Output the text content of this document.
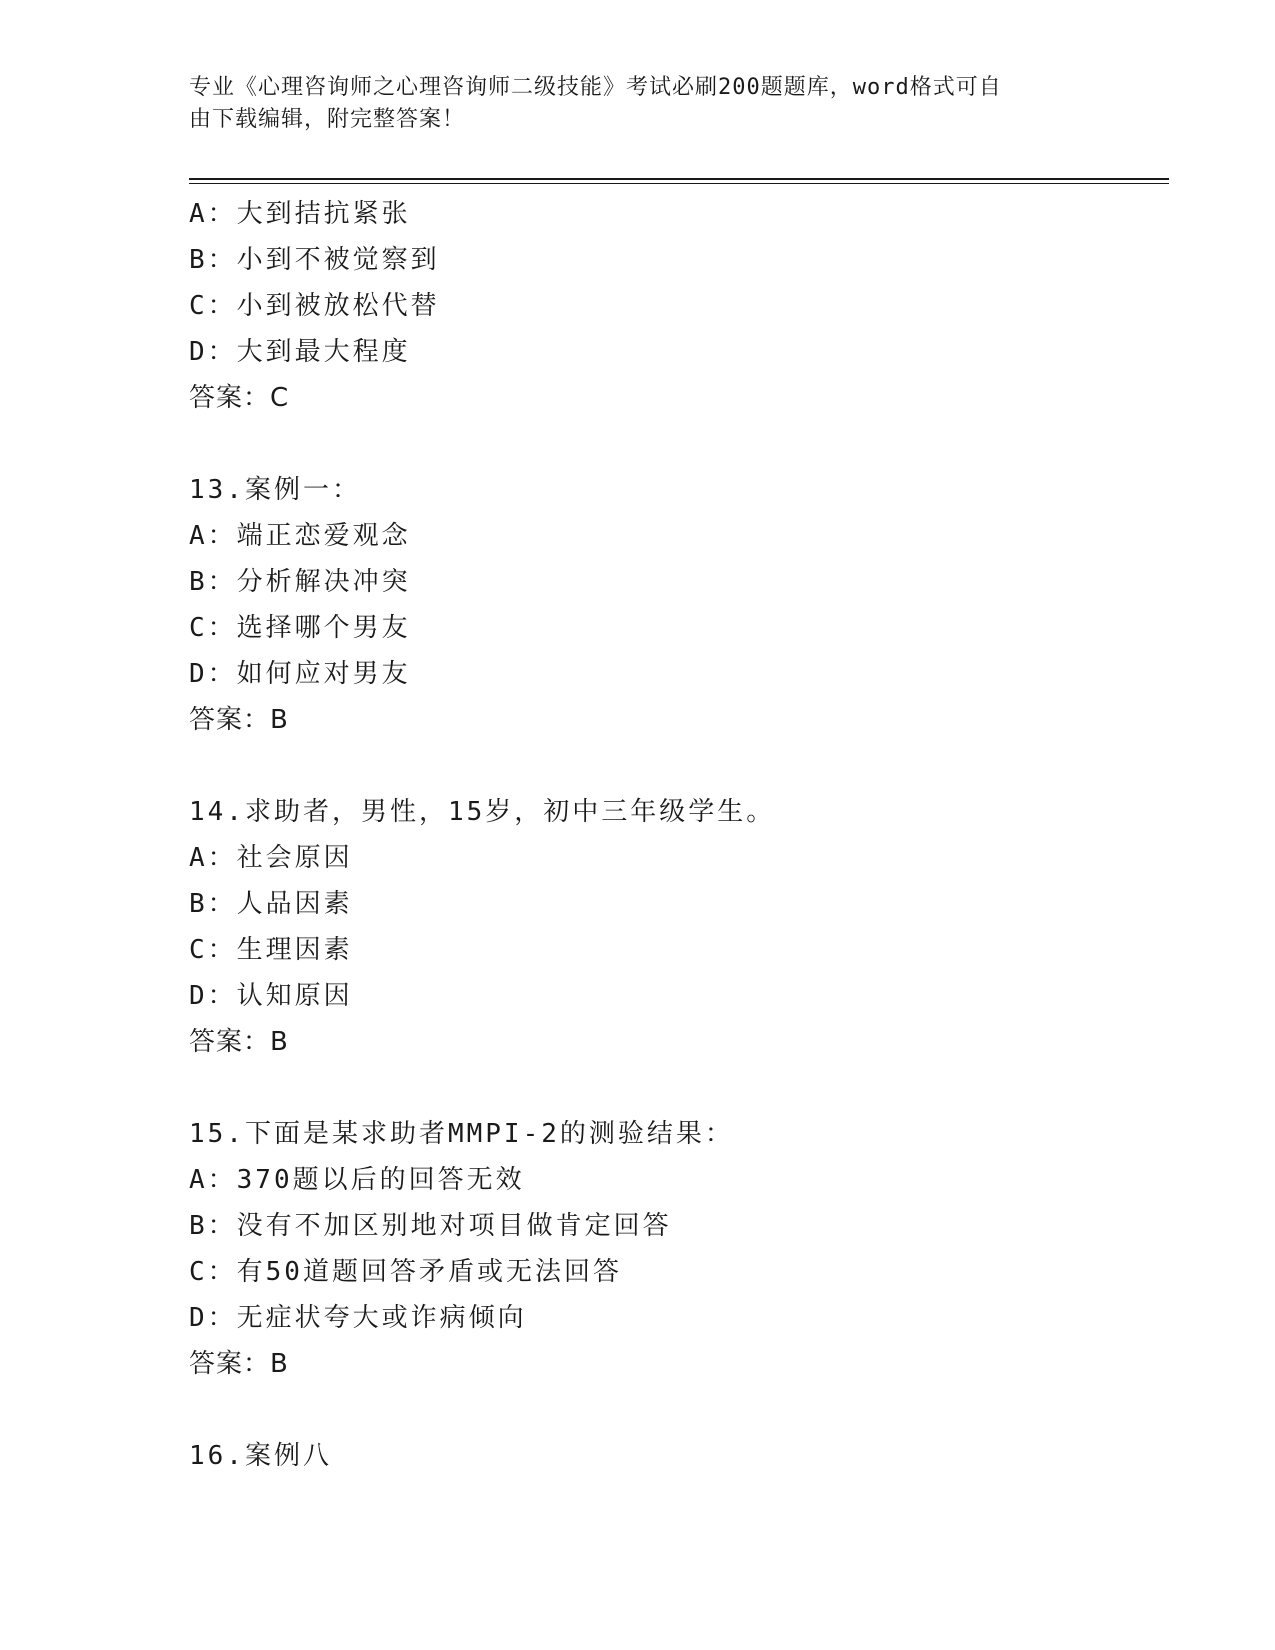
专业《心理咨询师之心理咨询师二级技能》考试必刷200题题库，word格式可自
由下载编辑，附完整答案！
A：大到拮抗紧张
B：小到不被觉察到
C：小到被放松代替
D：大到最大程度
答案：C
13.案例一：
A：端正恋爱观念
B：分析解决冲突
C：选择哪个男友
D：如何应对男友
答案：B
14.求助者，男性，15岁，初中三年级学生。
A：社会原因
B：人品因素
C：生理因素
D：认知原因
答案：B
15.下面是某求助者MMPI-2的测验结果：
A：370题以后的回答无效
B：没有不加区别地对项目做肯定回答
C：有50道题回答矛盾或无法回答
D：无症状夸大或诈病倾向
答案：B
16.案例八
